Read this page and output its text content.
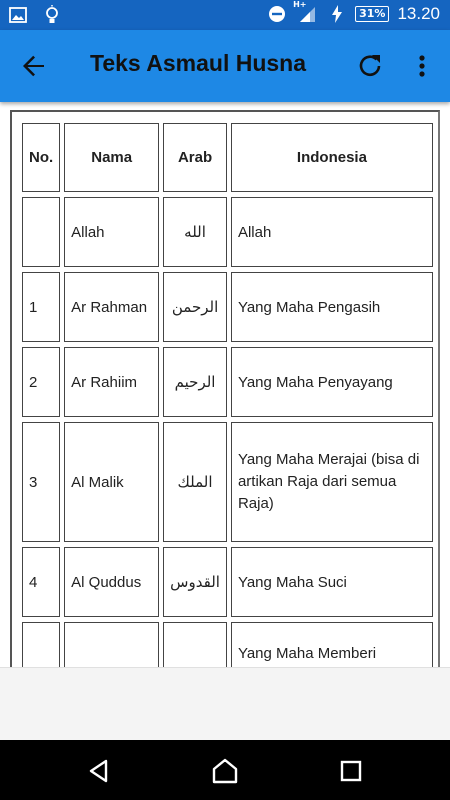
H+
31% 13.20
Teks Asmaul Husna
No.	Nama	Arab	Indonesia
	Allah	الله	Allah
1	Ar Rahman	الرحمن	Yang Maha Pengasih
2	Ar Rahiim	الرحيم	Yang Maha Penyayang
3	Al Malik	الملك	Yang Maha Merajai (bisa di artikan Raja dari semua Raja)
4	Al Quddus	القدوس	Yang Maha Suci
			Yang Maha Memberi
